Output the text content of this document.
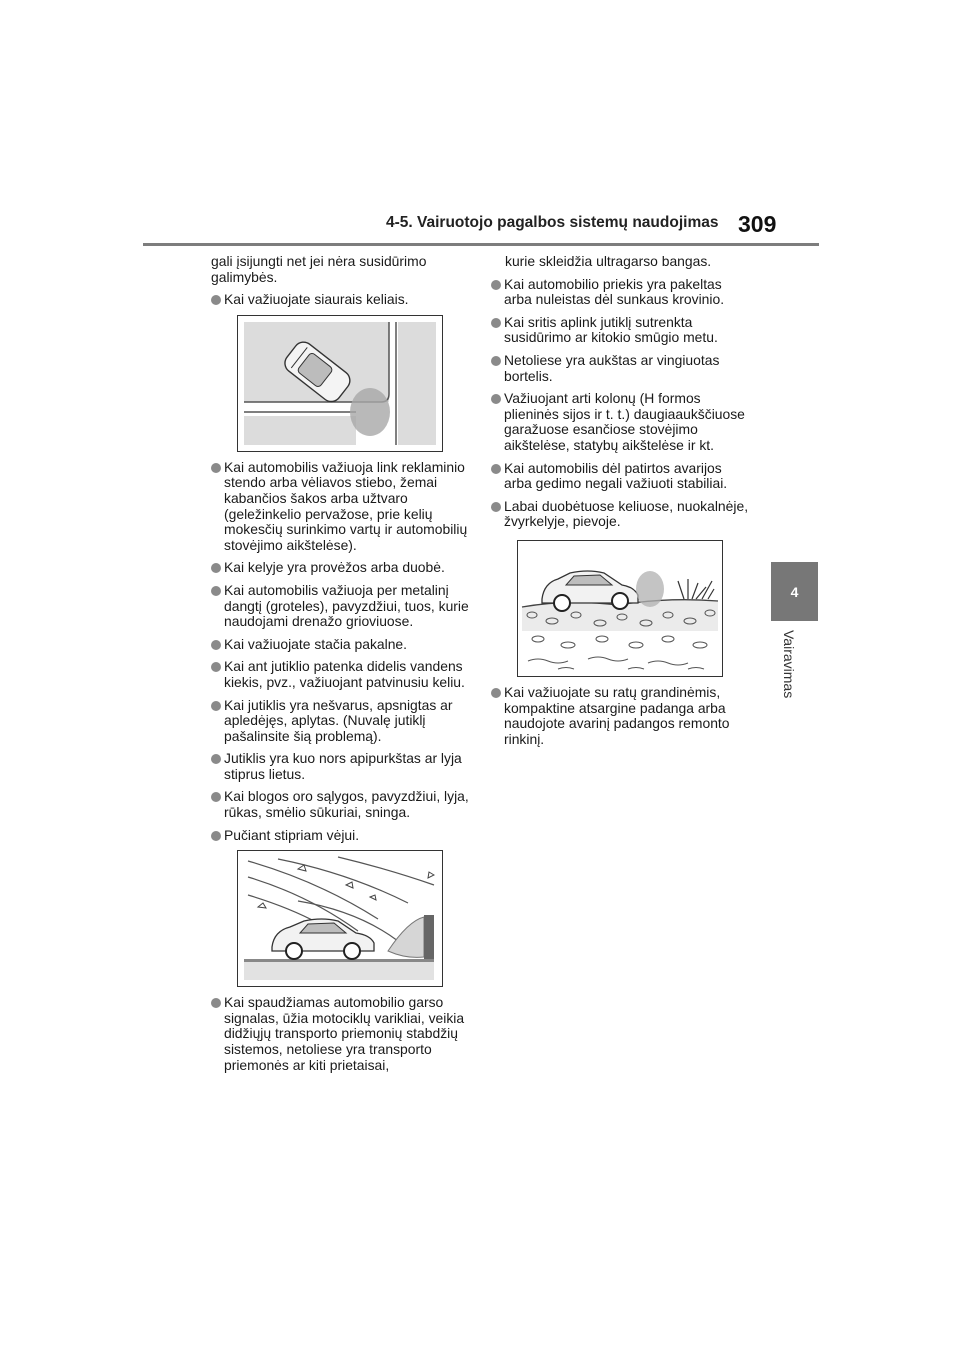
4-5. Vairuotojo pagalbos sistemų naudojimas 309
4
Vairavimas

gali įsijungti net jei nėra susidūrimo galimybės.

Kai važiuojate siaurais keliais.
Kai automobilis važiuoja link reklaminio stendo arba vėliavos stiebo, žemai kabančios šakos arba užtvaro (geležinkelio pervažose, prie kelių mokesčių surinkimo vartų ir automobilių stovėjimo aikštelėse).
Kai kelyje yra provėžos arba duobė.
Kai automobilis važiuoja per metalinį dangtį (groteles), pavyzdžiui, tuos, kurie naudojami drenažo grioviuose.
Kai važiuojate stačia pakalne.
Kai ant jutiklio patenka didelis vandens kiekis, pvz., važiuojant patvinusiu keliu.
Kai jutiklis yra nešvarus, apsnigtas ar apledėjęs, aplytas. (Nuvalę jutiklį pašalinsite šią problemą).
Jutiklis yra kuo nors apipurkštas ar lyja stiprus lietus.
Kai blogos oro sąlygos, pavyzdžiui, lyja, rūkas, smėlio sūkuriai, sninga.
Pučiant stipriam vėjui.
Kai spaudžiamas automobilio garso signalas, ūžia motociklų varikliai, veikia didžiųjų transporto priemonių stabdžių sistemos, netoliese yra transporto priemonės ar kiti prietaisai,

kurie skleidžia ultragarso bangas.

Kai automobilio priekis yra pakeltas arba nuleistas dėl sunkaus krovinio.
Kai sritis aplink jutiklį sutrenkta susidūrimo ar kitokio smūgio metu.
Netoliese yra aukštas ar vingiuotas bortelis.
Važiuojant arti kolonų (H formos plieninės sijos ir t. t.) daugiaaukščiuose garažuose esančiose stovėjimo aikštelėse, statybų aikštelėse ir kt.
Kai automobilis dėl patirtos avarijos arba gedimo negali važiuoti stabiliai.
Labai duobėtuose keliuose, nuokalnėje, žvyrkelyje, pievoje.
Kai važiuojate su ratų grandinėmis, kompaktine atsargine padanga arba naudojote avarinį padangos remonto rinkinį.
